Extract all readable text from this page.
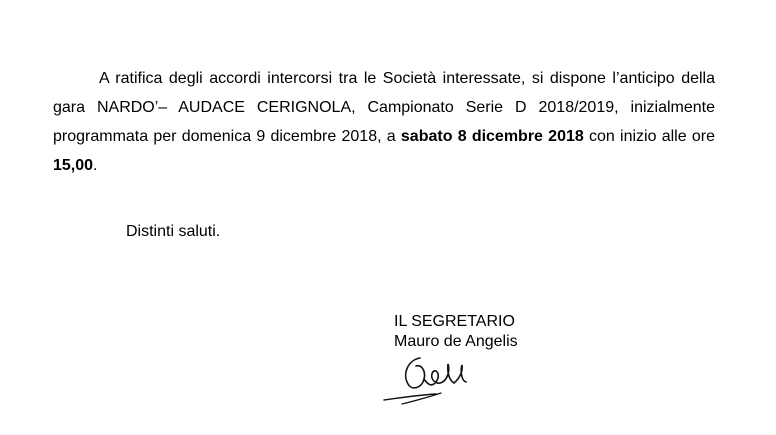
A ratifica degli accordi intercorsi tra le Società interessate, si dispone l’anticipo della gara NARDO’– AUDACE CERIGNOLA, Campionato Serie D 2018/2019, inizialmente programmata per domenica 9 dicembre 2018, a sabato 8 dicembre 2018 con inizio alle ore 15,00.

Distinti saluti.

IL SEGRETARIO
Mauro de Angelis
